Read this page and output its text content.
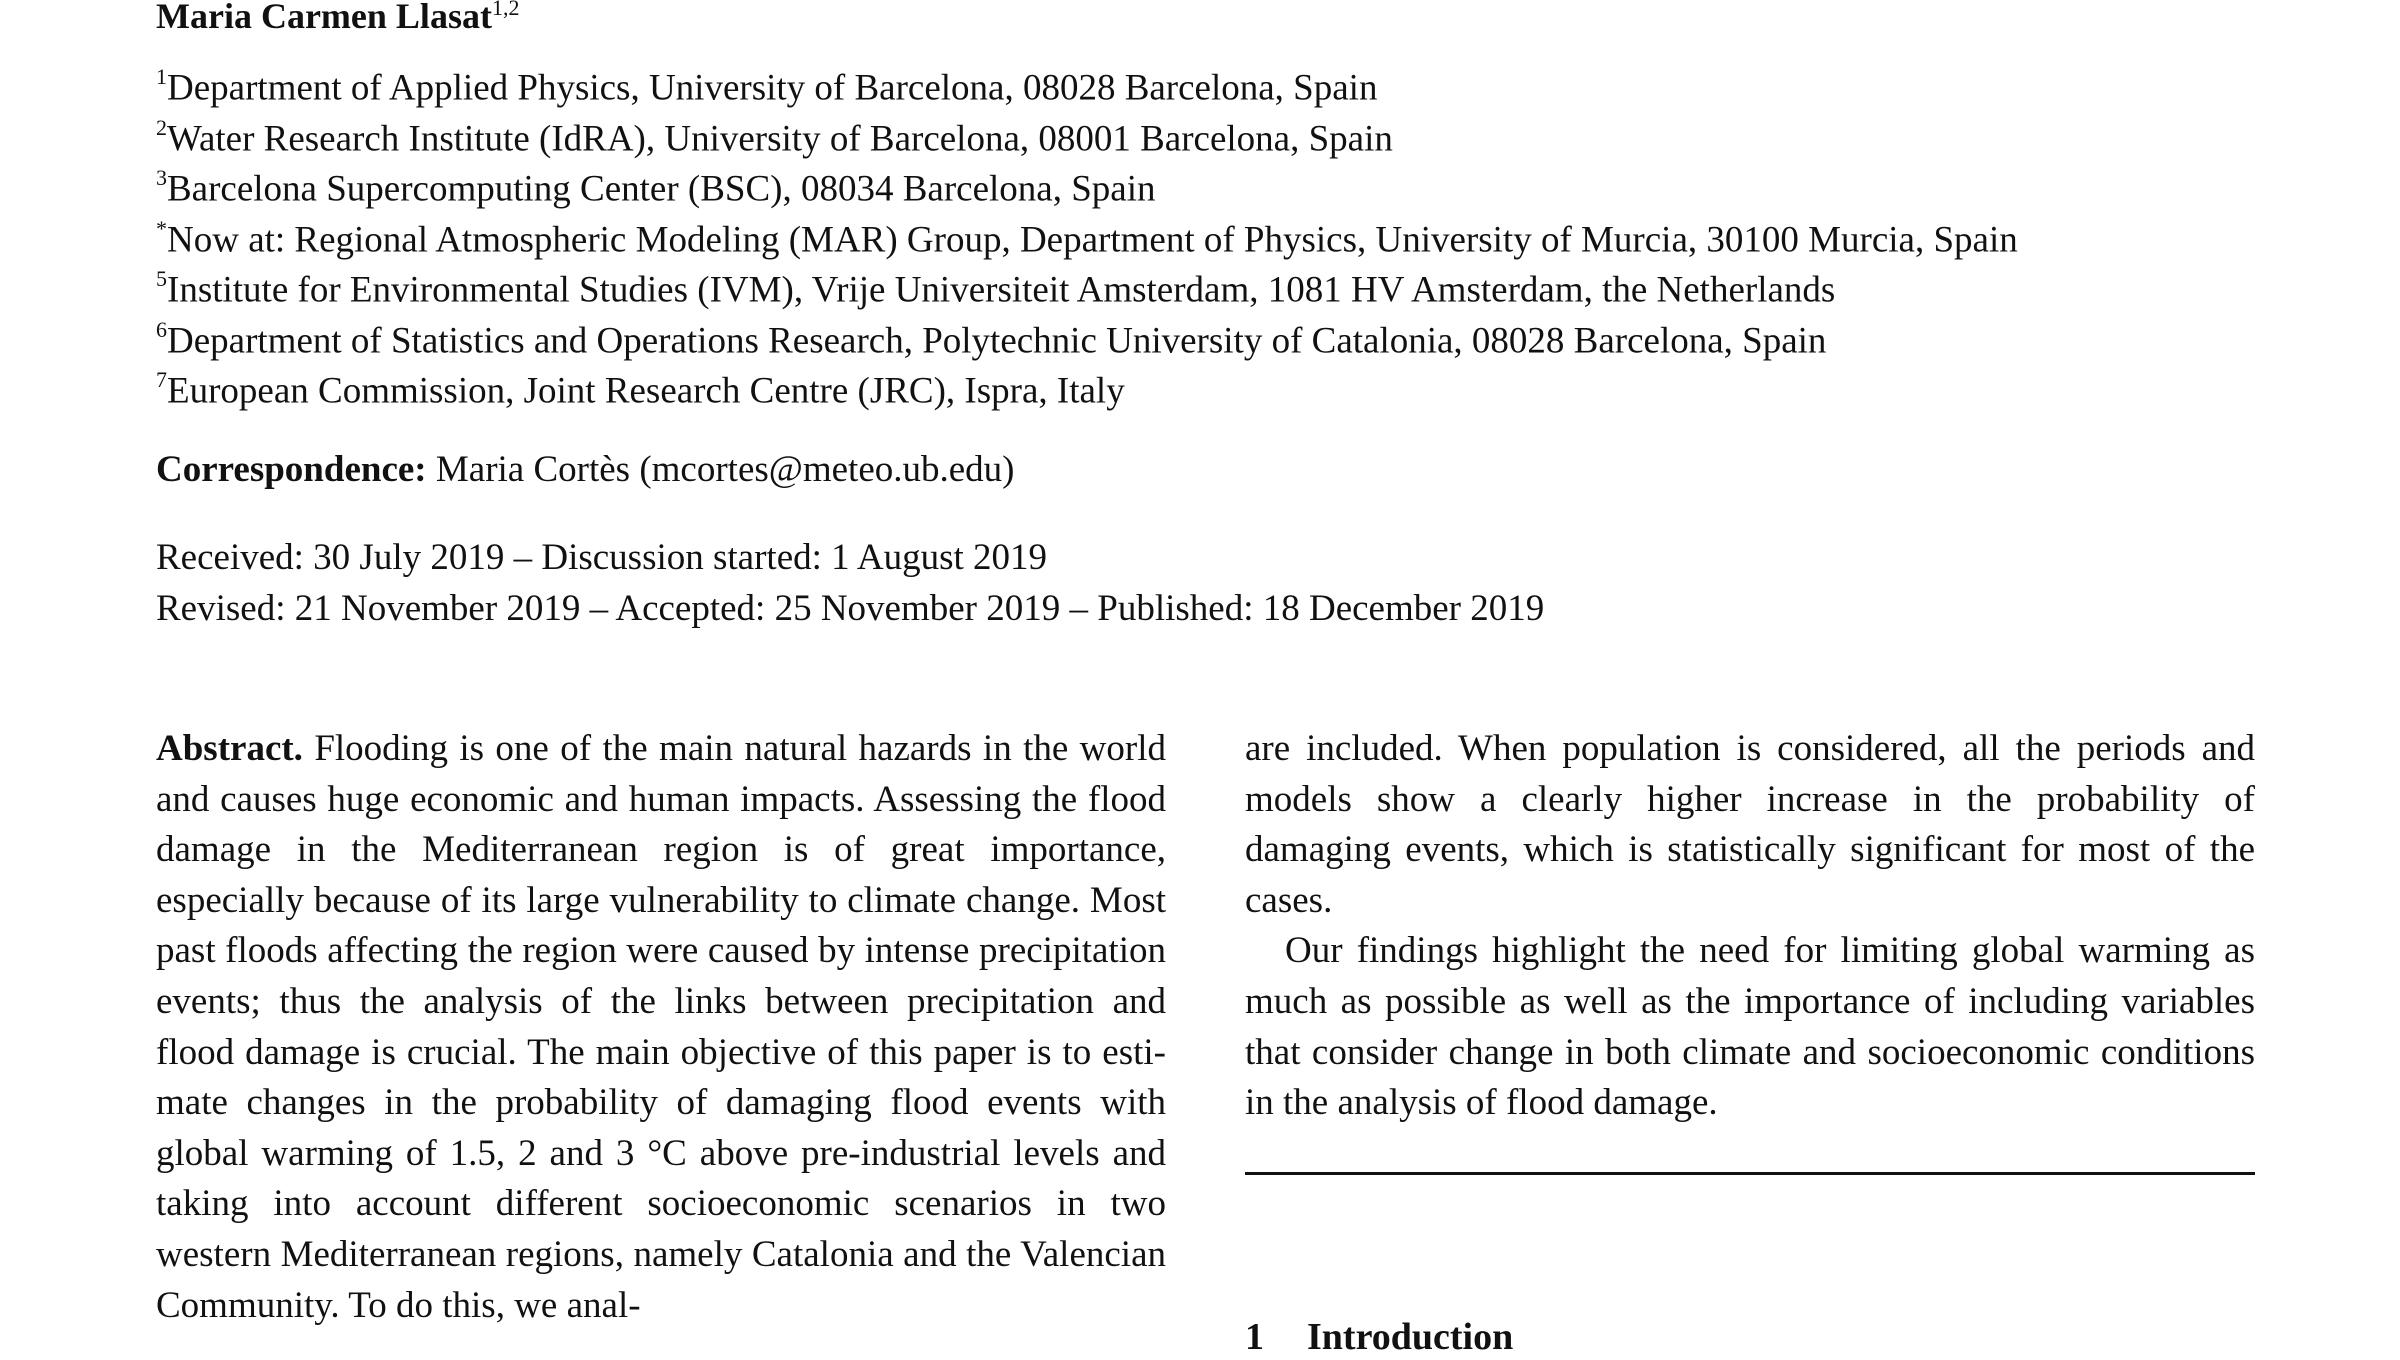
Maria Carmen Llasat$^{1,2}$
$^1$Department of Applied Physics, University of Barcelona, 08028 Barcelona, Spain
$^2$Water Research Institute (IdRA), University of Barcelona, 08001 Barcelona, Spain
$^3$Barcelona Supercomputing Center (BSC), 08034 Barcelona, Spain
*Now at: Regional Atmospheric Modeling (MAR) Group, Department of Physics, University of Murcia, 30100 Murcia, Spain
$^5$Institute for Environmental Studies (IVM), Vrije Universiteit Amsterdam, 1081 HV Amsterdam, the Netherlands
$^6$Department of Statistics and Operations Research, Polytechnic University of Catalonia, 08028 Barcelona, Spain
$^7$European Commission, Joint Research Centre (JRC), Ispra, Italy
Correspondence: Maria Cortès (mcortes@meteo.ub.edu)
Received: 30 July 2019 – Discussion started: 1 August 2019
Revised: 21 November 2019 – Accepted: 25 November 2019 – Published: 18 December 2019

Abstract. Flooding is one of the main natural hazards in the world and causes huge economic and human impacts. Assessing the flood damage in the Mediterranean region is of great importance, especially because of its large vulnerability to climate change. Most past floods affecting the region were caused by intense precipitation events; thus the analysis of the links between precipitation and flood damage is crucial. The main objective of this paper is to estimate changes in the probability of damaging flood events with global warming of 1.5, 2 and 3 °C above pre-industrial levels and taking into account different socioeconomic scenarios in two western Mediterranean regions, namely Catalonia and the Valencian Community. To do this, we anal-

are included. When population is considered, all the periods and models show a clearly higher increase in the probability of damaging events, which is statistically significant for most of the cases.

Our findings highlight the need for limiting global warming as much as possible as well as the importance of including variables that consider change in both climate and socioeconomic conditions in the analysis of flood damage.

1 Introduction
